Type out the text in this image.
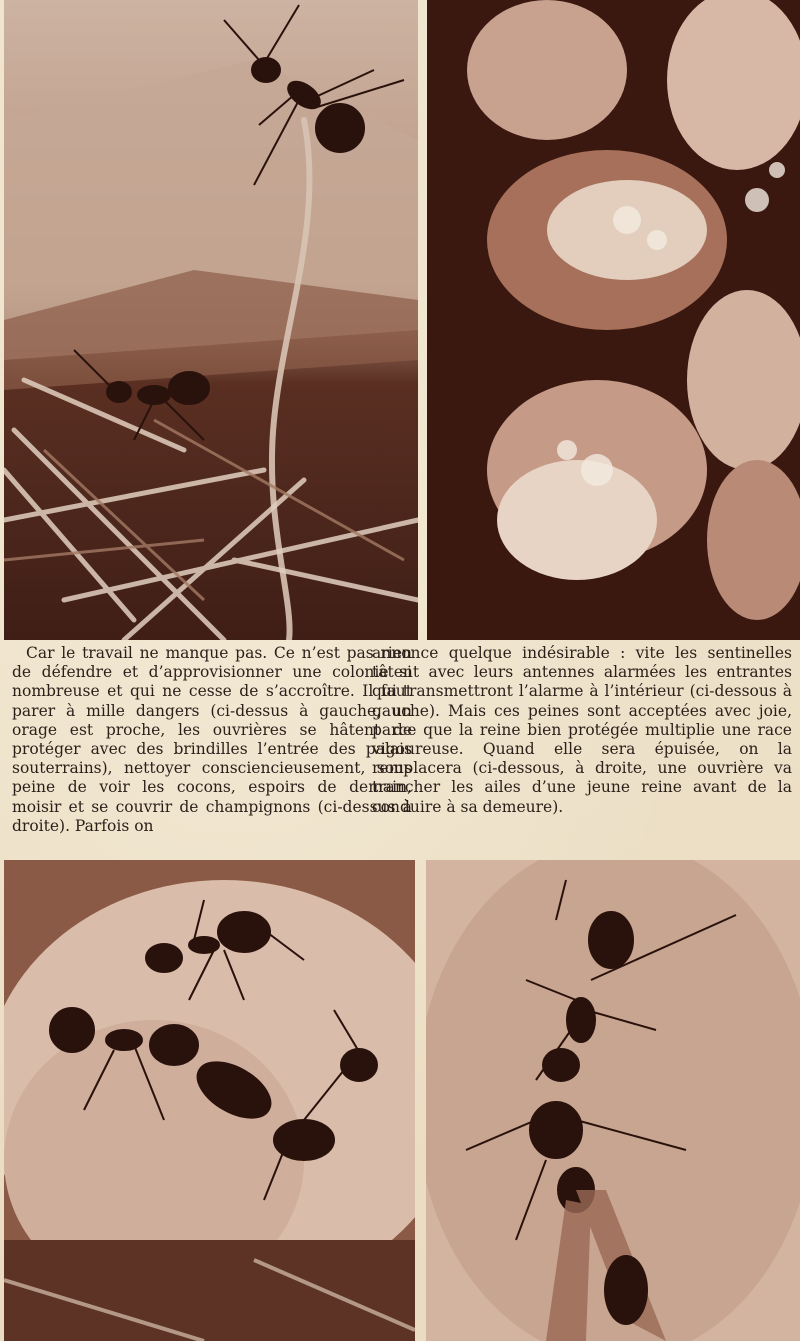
Car le travail ne manque pas. Ce n’est pas rien de défendre et d’approvisionner une colonie si nombreuse et qui ne cesse de s’accroître. Il faut parer à mille dangers (ci-dessus à gauche, un orage est proche, les ouvrières se hâtent de protéger avec des brindilles l’entrée des palais souterrains), nettoyer consciencieusement, sous peine de voir les cocons, espoirs de demain, moisir et se couvrir de champignons (ci-dessus à droite). Parfois on

annonce quelque indésirable : vite les sentinelles tâtent avec leurs antennes alarmées les entrantes qui transmettront l’alarme à l’intérieur (ci-dessous à gauche). Mais ces peines sont acceptées avec joie, parce que la reine bien protégée multiplie une race vigoureuse. Quand elle sera épuisée, on la remplacera (ci-dessous, à droite, une ouvrière va trancher les ailes d’une jeune reine avant de la conduire à sa demeure).
